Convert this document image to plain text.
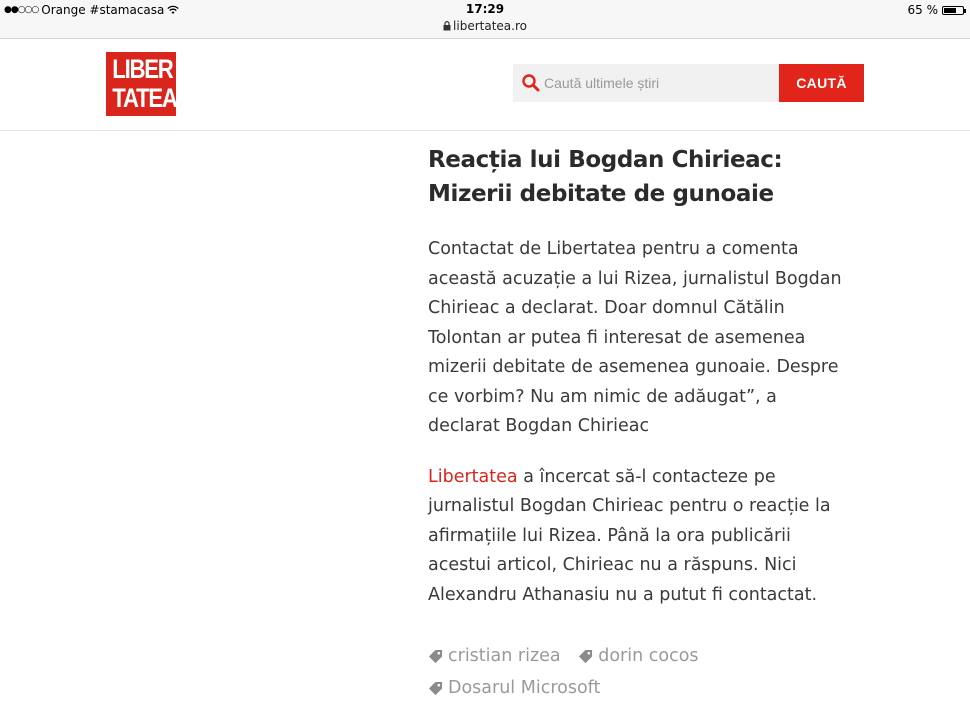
●●○○○ Orange #stamacasa	17:29
libertatea.ro
65 %
LIBER
TATEA
Caută ultimele știri	CAUTĂ
Reacția lui Bogdan Chirieac: Mizerii debitate de gunoaie

Contactat de Libertatea pentru a comenta această acuzație a lui Rizea, jurnalistul Bogdan Chirieac a declarat. Doar domnul Cătălin Tolontan ar putea fi interesat de asemenea mizerii debitate de asemenea gunoaie. Despre ce vorbim? Nu am nimic de adăugat”, a declarat Bogdan Chirieac

Libertatea a încercat să-l contacteze pe jurnalistul Bogdan Chirieac pentru o reacție la afirmațiile lui Rizea. Până la ora publicării acestui articol, Chirieac nu a răspuns. Nici Alexandru Athanasiu nu a putut fi contactat.

cristian rizea
dorin cocos

Dosarul Microsoft
